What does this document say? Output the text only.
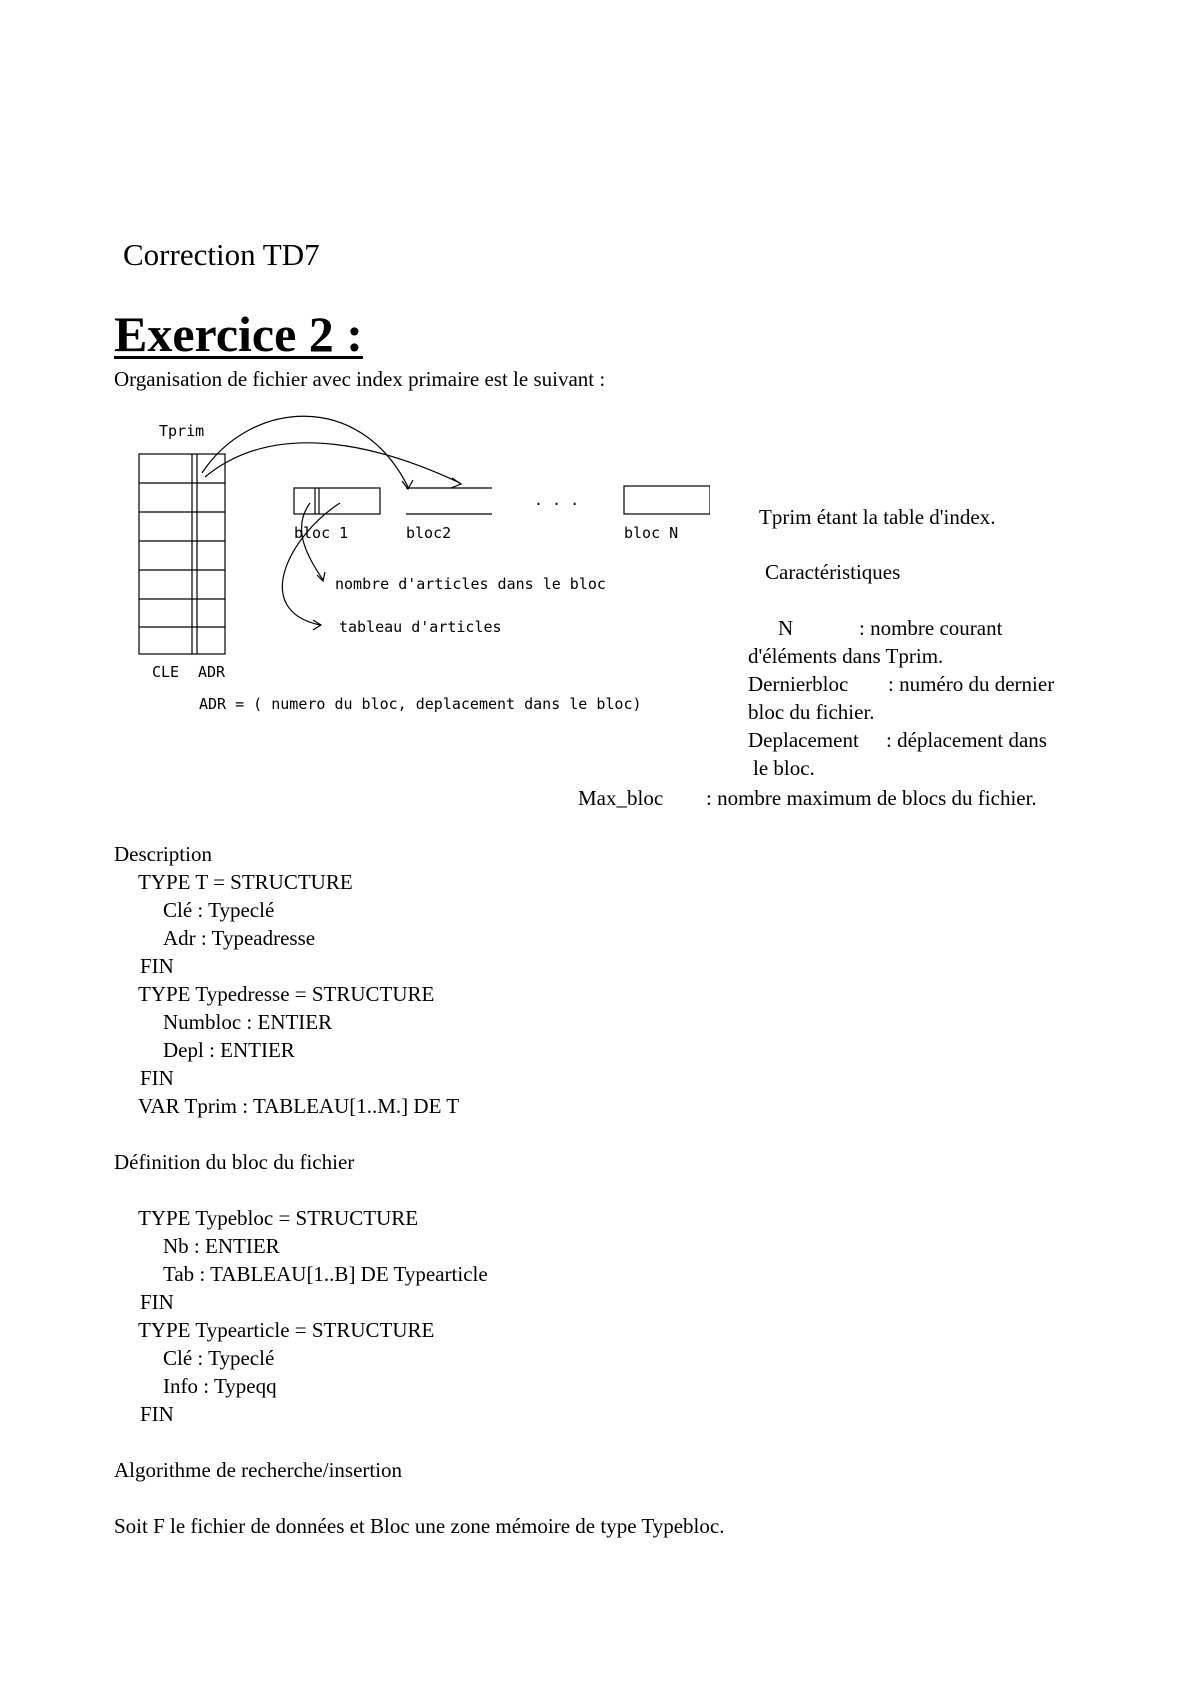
Correction TD7
Exercice 2 :
Organisation de fichier avec index primaire est le suivant :
Tprim
CLE ADR
bloc 1	bloc2
. . .
bloc N
nombre d'articles dans le bloc
tableau d'articles
ADR = ( numero du bloc, deplacement dans le bloc)
Tprim étant la table d'index.
Caractéristiques
N	: nombre courant
d'éléments dans Tprim.
Dernierbloc : numéro du dernier
bloc du fichier.
Deplacement : déplacement dans
le bloc.
Max_bloc : nombre maximum de blocs du fichier.
Description
TYPE T = STRUCTURE
Clé : Typeclé
Adr : Typeadresse
FIN
TYPE Typedresse = STRUCTURE
Numbloc : ENTIER
Depl : ENTIER
FIN
VAR Tprim : TABLEAU[1..M.] DE T
Définition du bloc du fichier
TYPE Typebloc = STRUCTURE
Nb : ENTIER
Tab : TABLEAU[1..B] DE Typearticle
FIN
TYPE Typearticle = STRUCTURE
Clé : Typeclé
Info : Typeqq
FIN
Algorithme de recherche/insertion
Soit F le fichier de données et Bloc une zone mémoire de type Typebloc.
